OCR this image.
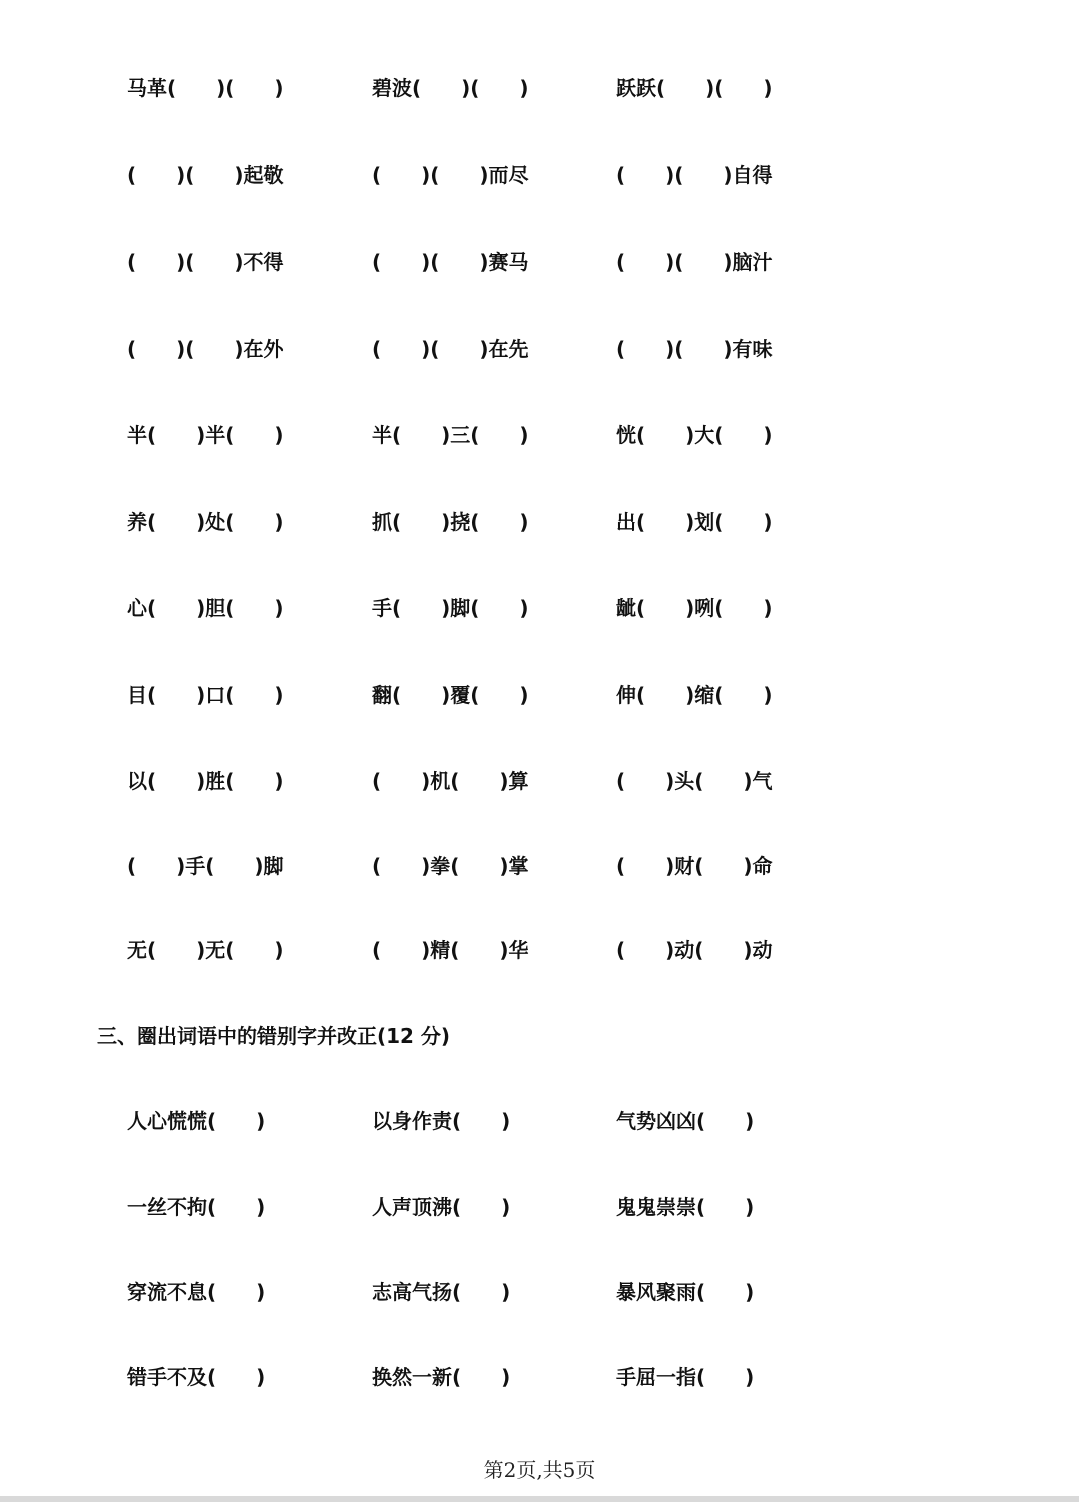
马革(　　)(　　)	碧波(　　)(　　)	跃跃(　　)(　　)
(　　)(　　)起敬	(　　)(　　)而尽	(　　)(　　)自得
(　　)(　　)不得	(　　)(　　)赛马	(　　)(　　)脑汁
(　　)(　　)在外	(　　)(　　)在先	(　　)(　　)有味
半(　　)半(　　)	半(　　)三(　　)	恍(　　)大(　　)
养(　　)处(　　)	抓(　　)挠(　　)	出(　　)划(　　)
心(　　)胆(　　)	手(　　)脚(　　)	龇(　　)咧(　　)
目(　　)口(　　)	翻(　　)覆(　　)	伸(　　)缩(　　)
以(　　)胜(　　)	(　　)机(　　)算	(　　)头(　　)气
(　　)手(　　)脚	(　　)拳(　　)掌	(　　)财(　　)命
无(　　)无(　　)	(　　)精(　　)华	(　　)动(　　)动
三、圈出词语中的错别字并改正(12 分)
人心慌慌(　　)	以身作责(　　)	气势凶凶(　　)
一丝不拘(　　)	人声顶沸(　　)	鬼鬼崇崇(　　)
穿流不息(　　)	志高气扬(　　)	暴风聚雨(　　)
错手不及(　　)	换然一新(　　)	手屈一指(　　)
第2页,共5页
